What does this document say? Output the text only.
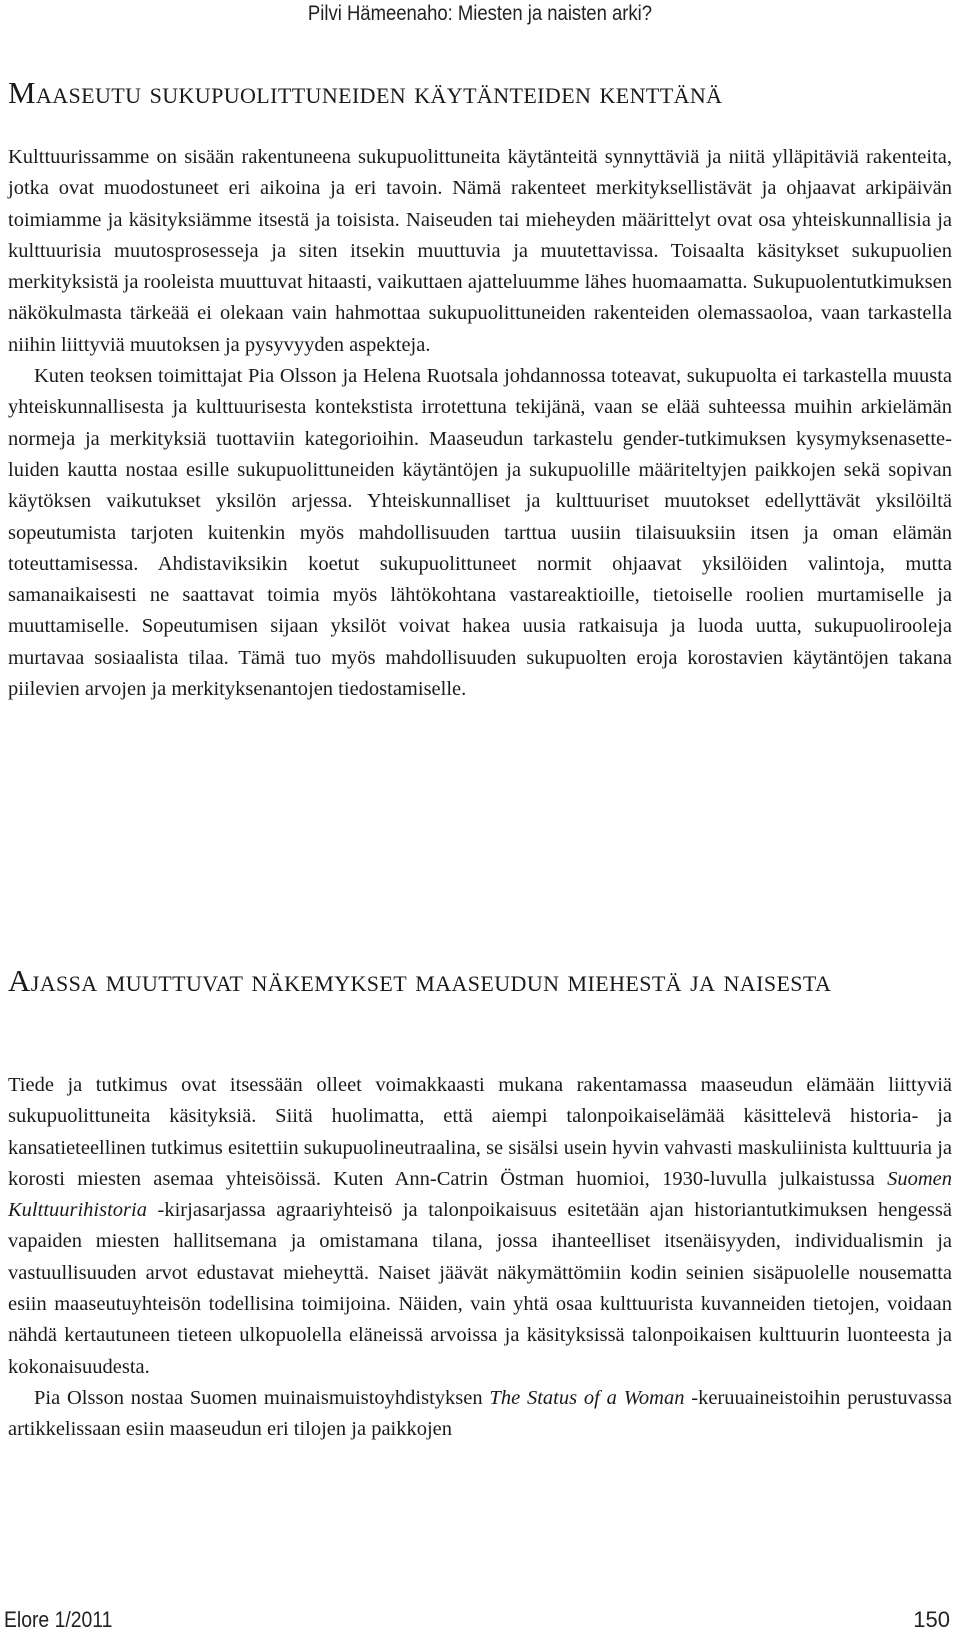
Pilvi Hämeenaho: Miesten ja naisten arki?
Maaseutu sukupuolittuneiden käytänteiden kenttänä

Kulttuurissamme on sisään rakentuneena sukupuolittuneita käytänteitä synnyttäviä ja niitä ylläpitäviä rakenteita, jotka ovat muodostuneet eri aikoina ja eri tavoin. Nämä rakenteet merkityksellistävät ja ohjaavat arkipäivän toimiamme ja käsityksiämme itsestä ja toisista. Naiseuden tai mieheyden määrittelyt ovat osa yhteiskunnallisia ja kulttuurisia muutosprosesseja ja siten itsekin muuttuvia ja muutettavissa. Toisaalta käsitykset sukupuolien merkityksistä ja rooleista muuttuvat hitaasti, vaikuttaen ajatteluumme lähes huomaamatta. Sukupuolentutkimuksen näkökulmasta tärkeää ei olekaan vain hahmottaa sukupuolittuneiden rakenteiden olemassaoloa, vaan tarkastella niihin liittyviä muutoksen ja pysyvyyden aspekteja.

Kuten teoksen toimittajat Pia Olsson ja Helena Ruotsala johdannossa toteavat, sukupuolta ei tarkastella muusta yhteiskunnallisesta ja kulttuurisesta kontekstista irrotettuna tekijänä, vaan se elää suhteessa muihin arkielämän normeja ja merkityksiä tuottaviin kategorioihin. Maaseudun tarkastelu gender-tutkimuksen kysymyksenasetteluiden kautta nostaa esille sukupuolittuneiden käytäntöjen ja sukupuolille määriteltyjen paikkojen sekä sopivan käytöksen vaikutukset yksilön arjessa. Yhteiskunnalliset ja kulttuuriset muutokset edellyttävät yksilöiltä sopeutumista tarjoten kuitenkin myös mahdollisuuden tarttua uusiin tilaisuuksiin itsen ja oman elämän toteuttamisessa. Ahdistaviksikin koetut sukupuolittuneet normit ohjaavat yksilöiden valintoja, mutta samanaikaisesti ne saattavat toimia myös lähtökohtana vastareaktioille, tietoiselle roolien murtamiselle ja muuttamiselle. Sopeutumisen sijaan yksilöt voivat hakea uusia ratkaisuja ja luoda uutta, sukupuolirooleja murtavaa sosiaalista tilaa. Tämä tuo myös mahdollisuuden sukupuolten eroja korostavien käytäntöjen takana piilevien arvojen ja merkityksenantojen tiedostamiselle.

Ajassa muuttuvat näkemykset maaseudun miehestä ja naisesta

Tiede ja tutkimus ovat itsessään olleet voimakkaasti mukana rakentamassa maaseudun elämään liittyviä sukupuolittuneita käsityksiä. Siitä huolimatta, että aiempi talonpoikaiselämää käsittelevä historia- ja kansatieteellinen tutkimus esitettiin sukupuolineutraalina, se sisälsi usein hyvin vahvasti maskuliinista kulttuuria ja korosti miesten asemaa yhteisöissä. Kuten Ann-Catrin Östman huomioi, 1930-luvulla julkaistussa Suomen Kulttuurihistoria -kirjasarjassa agraariyhteisö ja talonpoikaisuus esitetään ajan historiantutkimuksen hengessä vapaiden miesten hallitsemana ja omistamana tilana, jossa ihanteelliset itsenäisyyden, individualismin ja vastuullisuuden arvot edustavat mieheyttä. Naiset jäävät näkymättömiin kodin seinien sisäpuolelle nousematta esiin maaseutuyhteisön todellisina toimijoina. Näiden, vain yhtä osaa kulttuurista kuvanneiden tietojen, voidaan nähdä kertautuneen tieteen ulkopuolella eläneissä arvoissa ja käsityksissä talonpoikaisen kulttuurin luonteesta ja kokonaisuudesta.

Pia Olsson nostaa Suomen muinaismuistoyhdistyksen The Status of a Woman -keruuaineistoihin perustuvassa artikkelissaan esiin maaseudun eri tilojen ja paikkojen

Elore 1/2011	150
